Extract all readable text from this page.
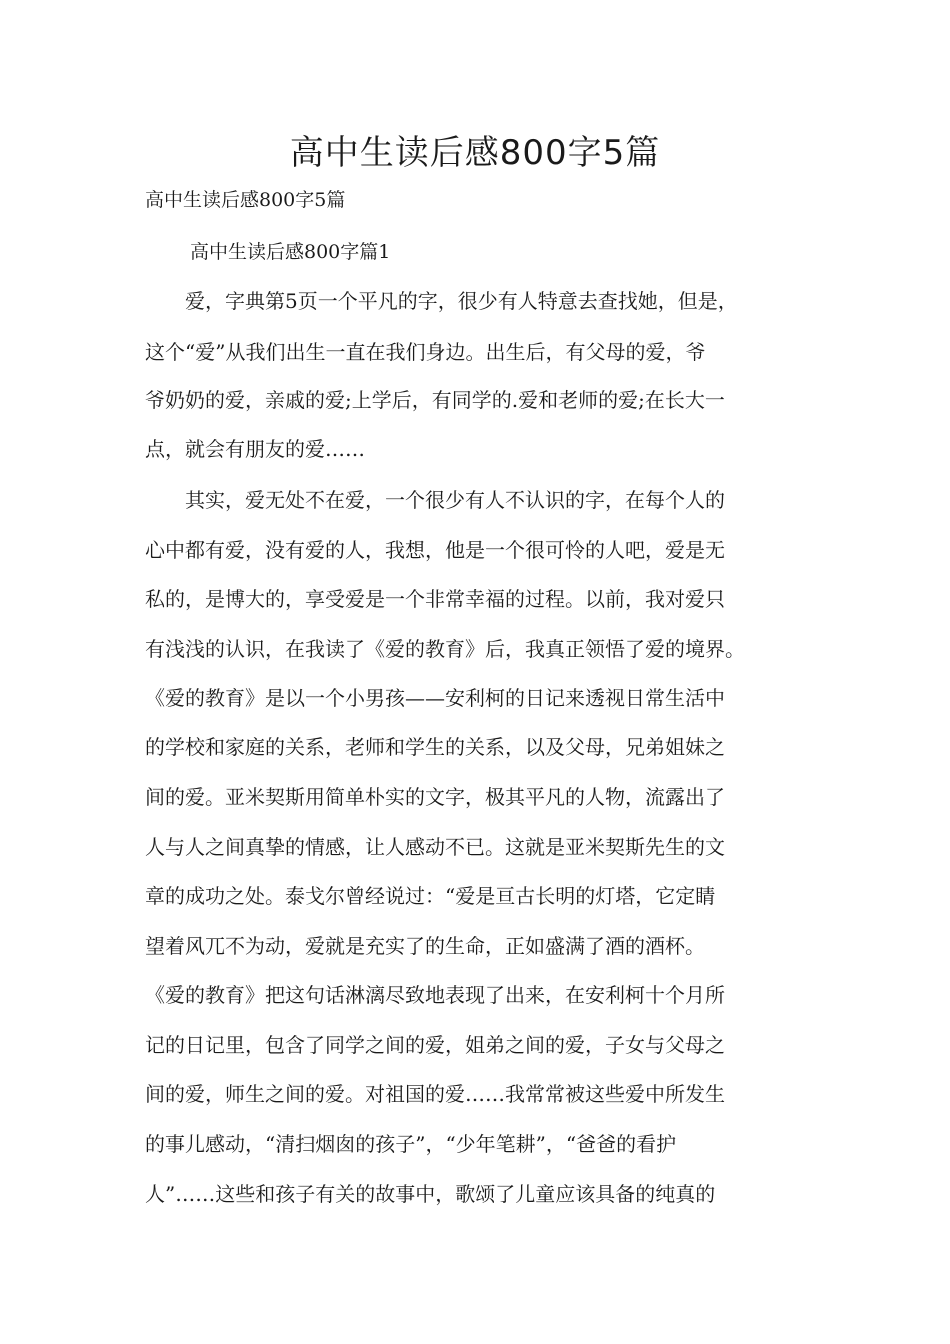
高中生读后感800字5篇

高中生读后感800字5篇

高中生读后感800字篇1

　　爱，字典第5页一个平凡的字，很少有人特意去查找她，但是，

这个“爱”从我们出生一直在我们身边。出生后，有父母的爱，爷

爷奶奶的爱，亲戚的爱;上学后，有同学的.爱和老师的爱;在长大一

点，就会有朋友的爱……

　　其实，爱无处不在爱，一个很少有人不认识的字，在每个人的

心中都有爱，没有爱的人，我想，他是一个很可怜的人吧，爱是无

私的，是博大的，享受爱是一个非常幸福的过程。以前，我对爱只

有浅浅的认识，在我读了《爱的教育》后，我真正领悟了爱的境界。

《爱的教育》是以一个小男孩——安利柯的日记来透视日常生活中

的学校和家庭的关系，老师和学生的关系，以及父母，兄弟姐妹之

间的爱。亚米契斯用简单朴实的文字，极其平凡的人物，流露出了

人与人之间真挚的情感，让人感动不已。这就是亚米契斯先生的文

章的成功之处。泰戈尔曾经说过：“爱是亘古长明的灯塔，它定睛

望着风兀不为动，爱就是充实了的生命，正如盛满了酒的酒杯。

《爱的教育》把这句话淋漓尽致地表现了出来，在安利柯十个月所

记的日记里，包含了同学之间的爱，姐弟之间的爱，子女与父母之

间的爱，师生之间的爱。对祖国的爱……我常常被这些爱中所发生

的事儿感动，“清扫烟囱的孩子”，“少年笔耕”，“爸爸的看护

人”……这些和孩子有关的故事中，歌颂了儿童应该具备的纯真的
